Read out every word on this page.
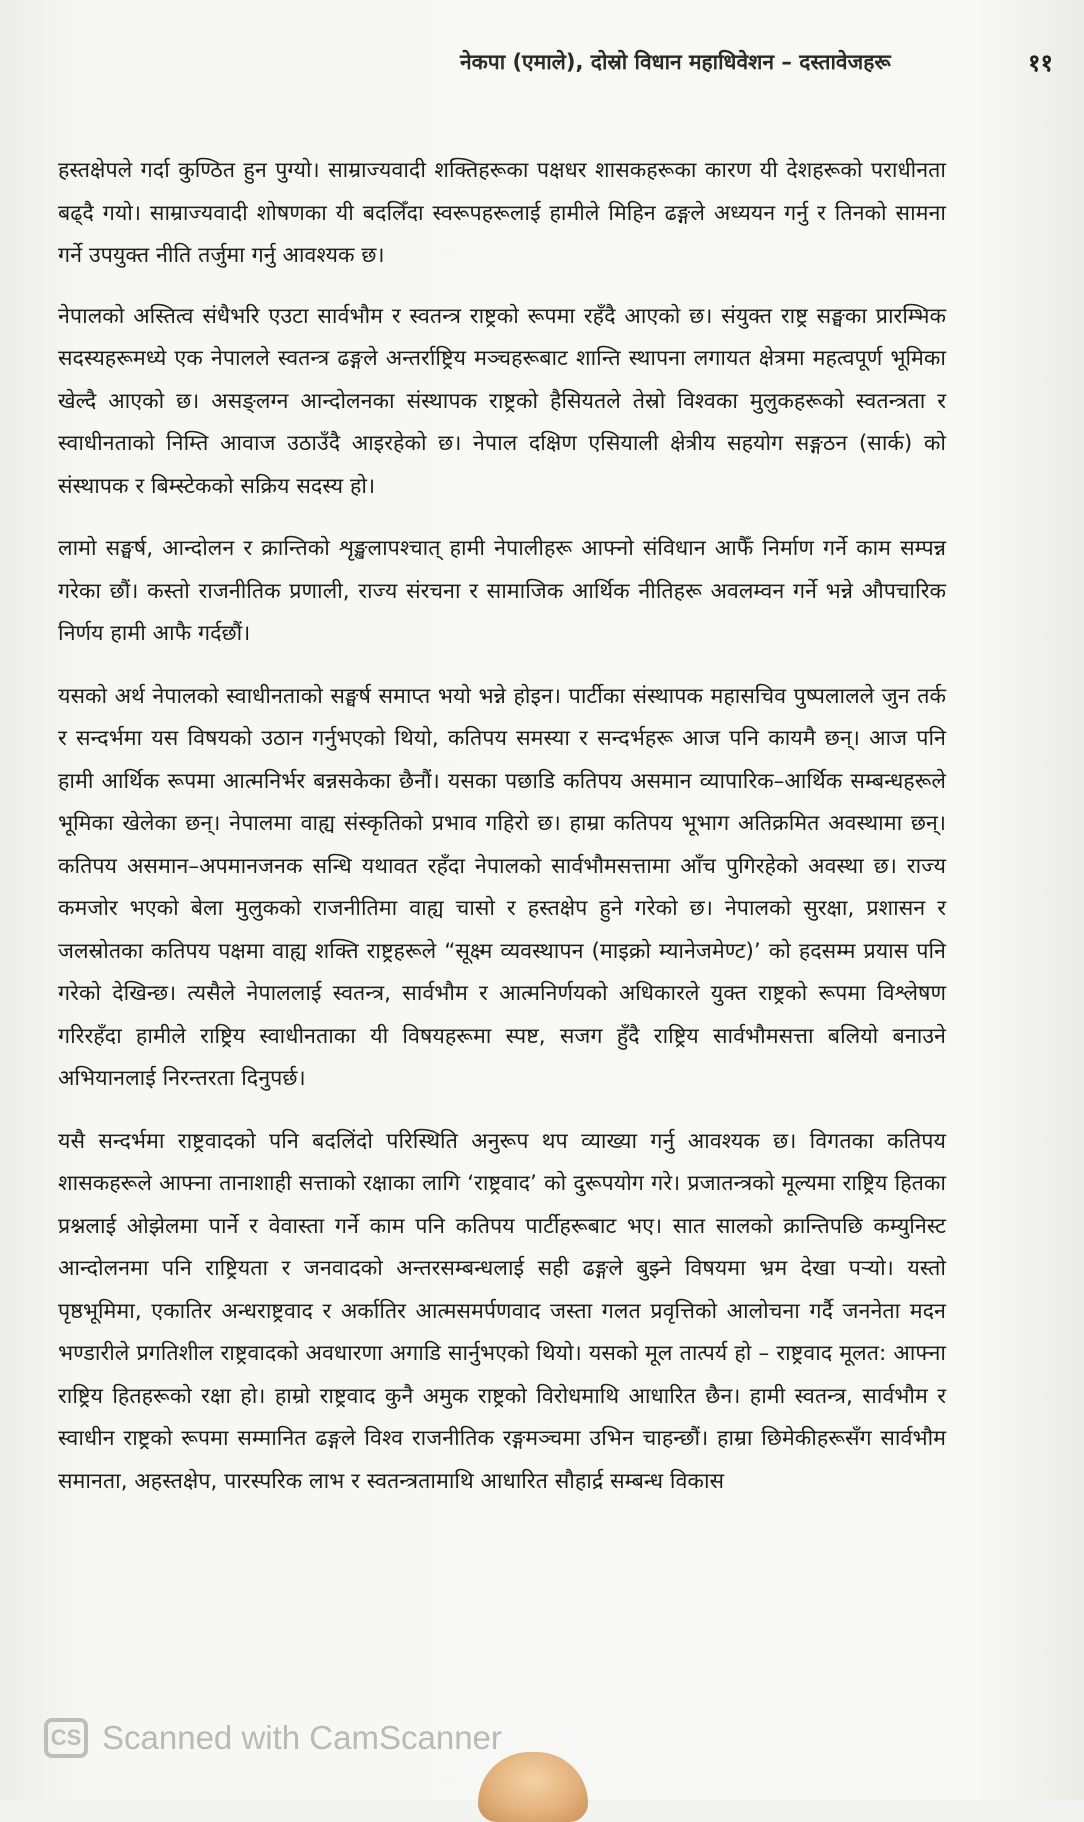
नेकपा (एमाले), दोस्रो विधान महाधिवेशन – दस्तावेजहरू	११

हस्तक्षेपले गर्दा कुण्ठित हुन पुग्यो। साम्राज्यवादी शक्तिहरूका पक्षधर शासकहरूका कारण यी देशहरूको पराधीनता बढ्दै गयो। साम्राज्यवादी शोषणका यी बदलिँदा स्वरूपहरूलाई हामीले मिहिन ढङ्गले अध्ययन गर्नु र तिनको सामना गर्ने उपयुक्त नीति तर्जुमा गर्नु आवश्यक छ।

नेपालको अस्तित्व संधैभरि एउटा सार्वभौम र स्वतन्त्र राष्ट्रको रूपमा रहँदै आएको छ। संयुक्त राष्ट्र सङ्घका प्रारम्भिक सदस्यहरूमध्ये एक नेपालले स्वतन्त्र ढङ्गले अन्तर्राष्ट्रिय मञ्चहरूबाट शान्ति स्थापना लगायत क्षेत्रमा महत्वपूर्ण भूमिका खेल्दै आएको छ। असङ्लग्न आन्दोलनका संस्थापक राष्ट्रको हैसियतले तेस्रो विश्वका मुलुकहरूको स्वतन्त्रता र स्वाधीनताको निम्ति आवाज उठाउँदै आइरहेको छ। नेपाल दक्षिण एसियाली क्षेत्रीय सहयोग सङ्गठन (सार्क) को संस्थापक र बिम्स्टेकको सक्रिय सदस्य हो।

लामो सङ्घर्ष, आन्दोलन र क्रान्तिको शृङ्खलापश्चात् हामी नेपालीहरू आफ्नो संविधान आफैँ निर्माण गर्ने काम सम्पन्न गरेका छौं। कस्तो राजनीतिक प्रणाली, राज्य संरचना र सामाजिक आर्थिक नीतिहरू अवलम्वन गर्ने भन्ने औपचारिक निर्णय हामी आफै गर्दछौं।

यसको अर्थ नेपालको स्वाधीनताको सङ्घर्ष समाप्त भयो भन्ने होइन। पार्टीका संस्थापक महासचिव पुष्पलालले जुन तर्क र सन्दर्भमा यस विषयको उठान गर्नुभएको थियो, कतिपय समस्या र सन्दर्भहरू आज पनि कायमै छन्। आज पनि हामी आर्थिक रूपमा आत्मनिर्भर बन्नसकेका छैनौं। यसका पछाडि कतिपय असमान व्यापारिक–आर्थिक सम्बन्धहरूले भूमिका खेलेका छन्। नेपालमा वाह्य संस्कृतिको प्रभाव गहिरो छ। हाम्रा कतिपय भूभाग अतिक्रमित अवस्थामा छन्। कतिपय असमान–अपमानजनक सन्धि यथावत रहँदा नेपालको सार्वभौमसत्तामा आँच पुगिरहेको अवस्था छ। राज्य कमजोर भएको बेला मुलुकको राजनीतिमा वाह्य चासो र हस्तक्षेप हुने गरेको छ। नेपालको सुरक्षा, प्रशासन र जलस्रोतका कतिपय पक्षमा वाह्य शक्ति राष्ट्रहरूले “सूक्ष्म व्यवस्थापन (माइक्रो म्यानेजमेण्ट)’ को हदसम्म प्रयास पनि गरेको देखिन्छ। त्यसैले नेपाललाई स्वतन्त्र, सार्वभौम र आत्मनिर्णयको अधिकारले युक्त राष्ट्रको रूपमा विश्लेषण गरिरहँदा हामीले राष्ट्रिय स्वाधीनताका यी विषयहरूमा स्पष्ट, सजग हुँदै राष्ट्रिय सार्वभौमसत्ता बलियो बनाउने अभियानलाई निरन्तरता दिनुपर्छ।

यसै सन्दर्भमा राष्ट्रवादको पनि बदलिंदो परिस्थिति अनुरूप थप व्याख्या गर्नु आवश्यक छ। विगतका कतिपय शासकहरूले आफ्ना तानाशाही सत्ताको रक्षाका लागि ‘राष्ट्रवाद’ को दुरूपयोग गरे। प्रजातन्त्रको मूल्यमा राष्ट्रिय हितका प्रश्नलाई ओझेलमा पार्ने र वेवास्ता गर्ने काम पनि कतिपय पार्टीहरूबाट भए। सात सालको क्रान्तिपछि कम्युनिस्ट आन्दोलनमा पनि राष्ट्रियता र जनवादको अन्तरसम्बन्धलाई सही ढङ्गले बुझ्ने विषयमा भ्रम देखा पऱ्यो। यस्तो पृष्ठभूमिमा, एकातिर अन्धराष्ट्रवाद र अर्कातिर आत्मसमर्पणवाद जस्ता गलत प्रवृत्तिको आलोचना गर्दै जननेता मदन भण्डारीले प्रगतिशील राष्ट्रवादको अवधारणा अगाडि सार्नुभएको थियो। यसको मूल तात्पर्य हो – राष्ट्रवाद मूलत: आफ्ना राष्ट्रिय हितहरूको रक्षा हो। हाम्रो राष्ट्रवाद कुनै अमुक राष्ट्रको विरोधमाथि आधारित छैन। हामी स्वतन्त्र, सार्वभौम र स्वाधीन राष्ट्रको रूपमा सम्मानित ढङ्गले विश्व राजनीतिक रङ्गमञ्चमा उभिन चाहन्छौं। हाम्रा छिमेकीहरूसँग सार्वभौम समानता, अहस्तक्षेप, पारस्परिक लाभ र स्वतन्त्रतामाथि आधारित सौहार्द्र सम्बन्ध विकास

CS Scanned with CamScanner
